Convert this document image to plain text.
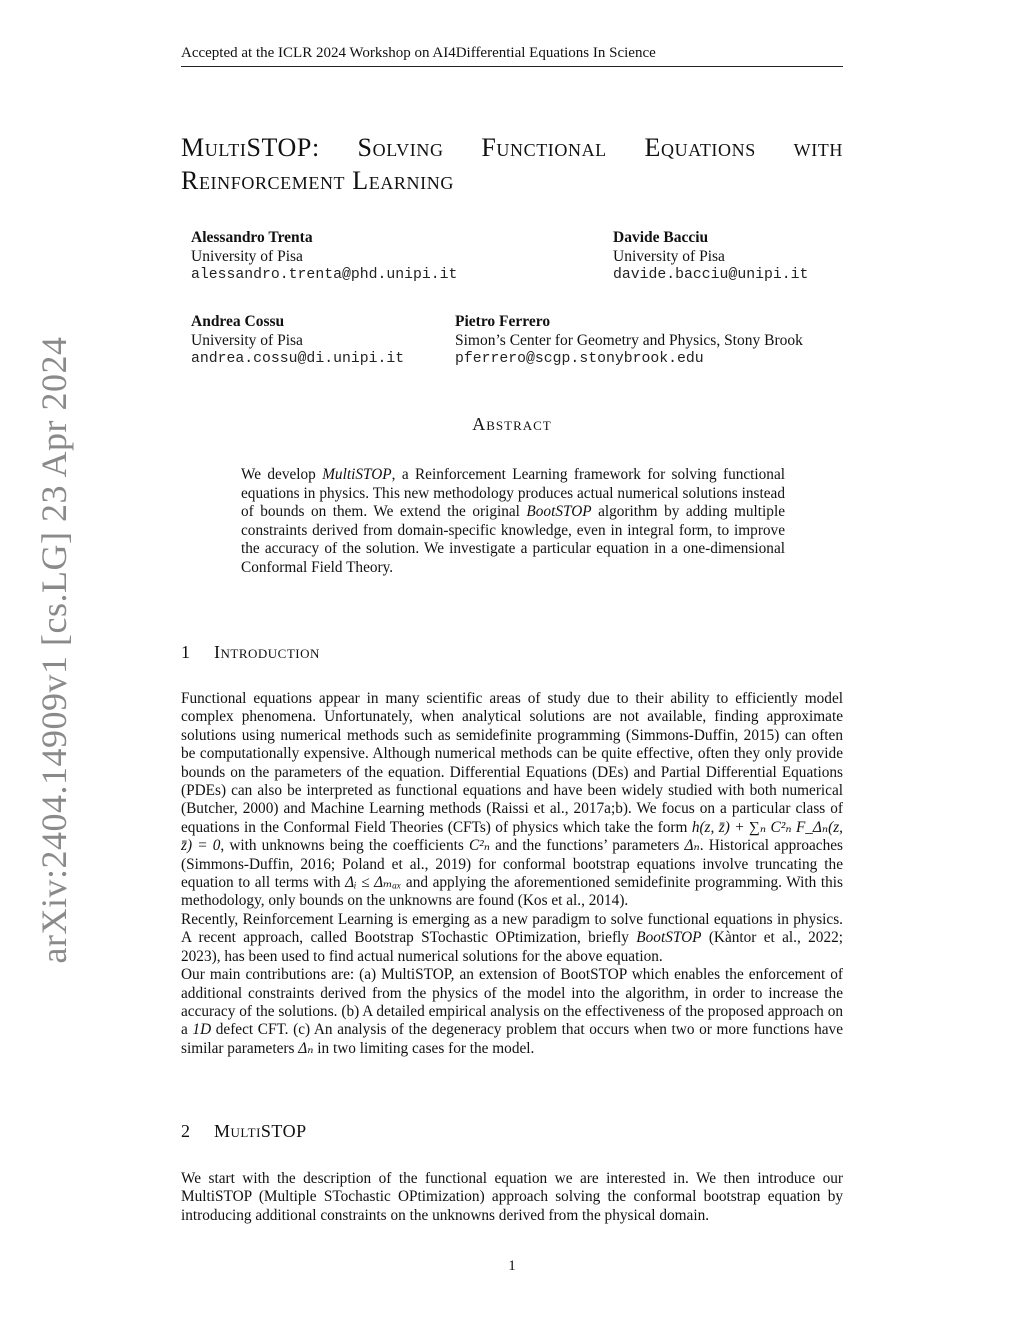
arXiv:2404.14909v1 [cs.LG] 23 Apr 2024
Accepted at the ICLR 2024 Workshop on AI4Differential Equations In Science
MultiSTOP: Solving Functional Equations with Reinforcement Learning
Alessandro Trenta
University of Pisa
alessandro.trenta@phd.unipi.it
Davide Bacciu
University of Pisa
davide.bacciu@unipi.it
Andrea Cossu
University of Pisa
andrea.cossu@di.unipi.it
Pietro Ferrero
Simon’s Center for Geometry and Physics, Stony Brook
pferrero@scgp.stonybrook.edu
Abstract

We develop MultiSTOP, a Reinforcement Learning framework for solving functional equations in physics. This new methodology produces actual numerical solutions instead of bounds on them. We extend the original BootSTOP algorithm by adding multiple constraints derived from domain-specific knowledge, even in integral form, to improve the accuracy of the solution. We investigate a particular equation in a one-dimensional Conformal Field Theory.

1 Introduction

Functional equations appear in many scientific areas of study due to their ability to efficiently model complex phenomena. Unfortunately, when analytical solutions are not available, finding approximate solutions using numerical methods such as semidefinite programming (Simmons-Duffin, 2015) can often be computationally expensive. Although numerical methods can be quite effective, often they only provide bounds on the parameters of the equation. Differential Equations (DEs) and Partial Differential Equations (PDEs) can also be interpreted as functional equations and have been widely studied with both numerical (Butcher, 2000) and Machine Learning methods (Raissi et al., 2017a;b). We focus on a particular class of equations in the Conformal Field Theories (CFTs) of physics which take the form h(z, z̄) + ∑ₙ C²ₙ F_Δₙ(z, z̄) = 0, with unknowns being the coefficients C²ₙ and the functions’ parameters Δₙ. Historical approaches (Simmons-Duffin, 2016; Poland et al., 2019) for conformal bootstrap equations involve truncating the equation to all terms with Δᵢ ≤ Δₘₐₓ and applying the aforementioned semidefinite programming. With this methodology, only bounds on the unknowns are found (Kos et al., 2014).

Recently, Reinforcement Learning is emerging as a new paradigm to solve functional equations in physics. A recent approach, called Bootstrap STochastic OPtimization, briefly BootSTOP (Kàntor et al., 2022; 2023), has been used to find actual numerical solutions for the above equation.

Our main contributions are: (a) MultiSTOP, an extension of BootSTOP which enables the enforcement of additional constraints derived from the physics of the model into the algorithm, in order to increase the accuracy of the solutions. (b) A detailed empirical analysis on the effectiveness of the proposed approach on a 1D defect CFT. (c) An analysis of the degeneracy problem that occurs when two or more functions have similar parameters Δₙ in two limiting cases for the model.

2 MultiSTOP

We start with the description of the functional equation we are interested in. We then introduce our MultiSTOP (Multiple STochastic OPtimization) approach solving the conformal bootstrap equation by introducing additional constraints on the unknowns derived from the physical domain.

1
